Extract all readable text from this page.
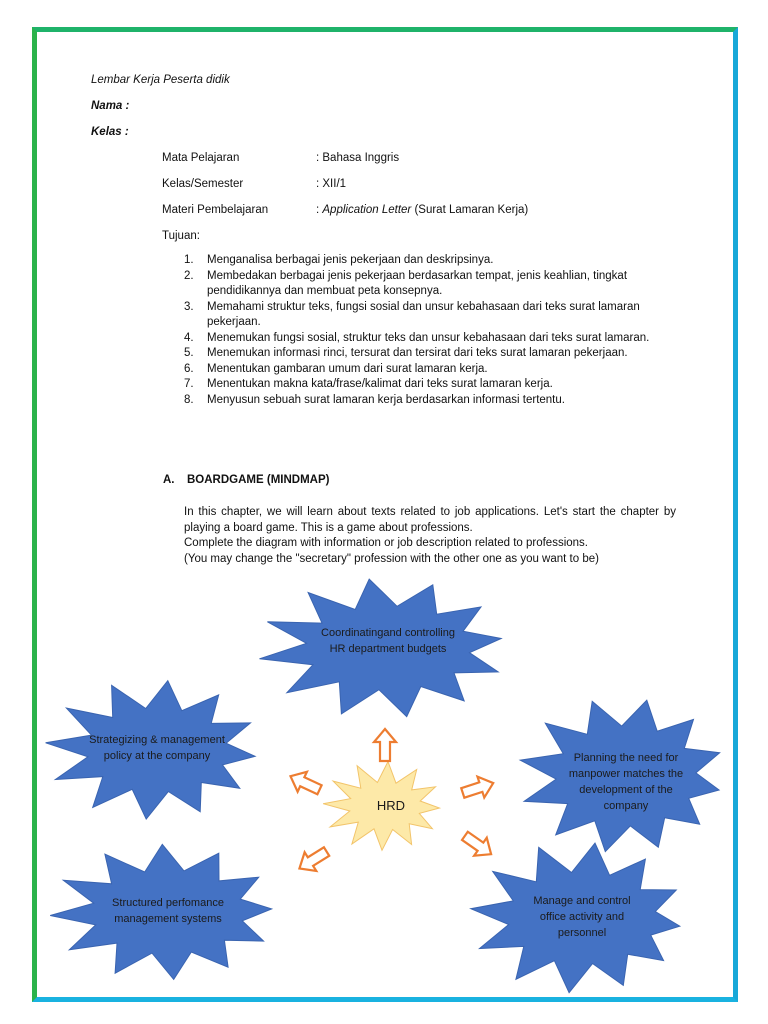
Lembar Kerja Peserta didik
Nama :
Kelas :
Mata Pelajaran	: Bahasa Inggris
Kelas/Semester	: XII/1
Materi Pembelajaran	: Application Letter (Surat Lamaran Kerja)
Tujuan:
1. Menganalisa berbagai jenis pekerjaan dan deskripsinya.
2. Membedakan berbagai jenis pekerjaan berdasarkan tempat, jenis keahlian, tingkat pendidikannya dan membuat peta konsepnya.
3. Memahami struktur teks, fungsi sosial dan unsur kebahasaan dari teks surat lamaran pekerjaan.
4. Menemukan fungsi sosial, struktur teks dan unsur kebahasaan dari teks surat lamaran.
5. Menemukan informasi rinci, tersurat dan tersirat dari teks surat lamaran pekerjaan.
6. Menentukan gambaran umum dari surat lamaran kerja.
7. Menentukan makna kata/frase/kalimat dari teks surat lamaran kerja.
8. Menyusun sebuah surat lamaran kerja berdasarkan informasi tertentu.
A. BOARDGAME (MINDMAP)

In this chapter, we will learn about texts related to job applications. Let's start the chapter by playing a board game. This is a game about professions.

Complete the diagram with information or job description related to professions.

(You may change the "secretary" profession with the other one as you want to be)

Coordinatingand controlling
HR department budgets
Strategizing & management
policy at the company	Planning the need for
manpower matches the
development of the
company
Structured perfomance
management systems
Manage and control
office activity and
personnel
HRD
